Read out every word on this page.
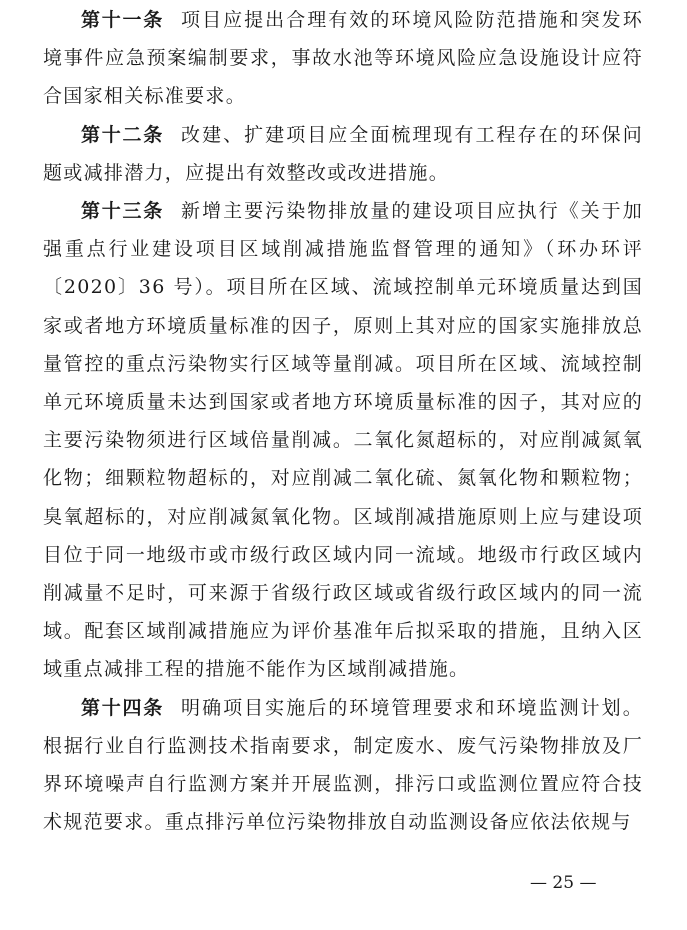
第十一条 项目应提出合理有效的环境风险防范措施和突发环境事件应急预案编制要求，事故水池等环境风险应急设施设计应符合国家相关标准要求。

第十二条 改建、扩建项目应全面梳理现有工程存在的环保问题或减排潜力，应提出有效整改或改进措施。

第十三条 新增主要污染物排放量的建设项目应执行《关于加强重点行业建设项目区域削减措施监督管理的通知》（环办环评〔2020〕36 号）。项目所在区域、流域控制单元环境质量达到国家或者地方环境质量标准的因子，原则上其对应的国家实施排放总量管控的重点污染物实行区域等量削减。项目所在区域、流域控制单元环境质量未达到国家或者地方环境质量标准的因子，其对应的主要污染物须进行区域倍量削减。二氧化氮超标的，对应削减氮氧化物；细颗粒物超标的，对应削减二氧化硫、氮氧化物和颗粒物；臭氧超标的，对应削减氮氧化物。区域削减措施原则上应与建设项目位于同一地级市或市级行政区域内同一流域。地级市行政区域内削减量不足时，可来源于省级行政区域或省级行政区域内的同一流域。配套区域削减措施应为评价基准年后拟采取的措施，且纳入区域重点减排工程的措施不能作为区域削减措施。

第十四条 明确项目实施后的环境管理要求和环境监测计划。根据行业自行监测技术指南要求，制定废水、废气污染物排放及厂界环境噪声自行监测方案并开展监测，排污口或监测位置应符合技术规范要求。重点排污单位污染物排放自动监测设备应依法依规与

— 25 —
